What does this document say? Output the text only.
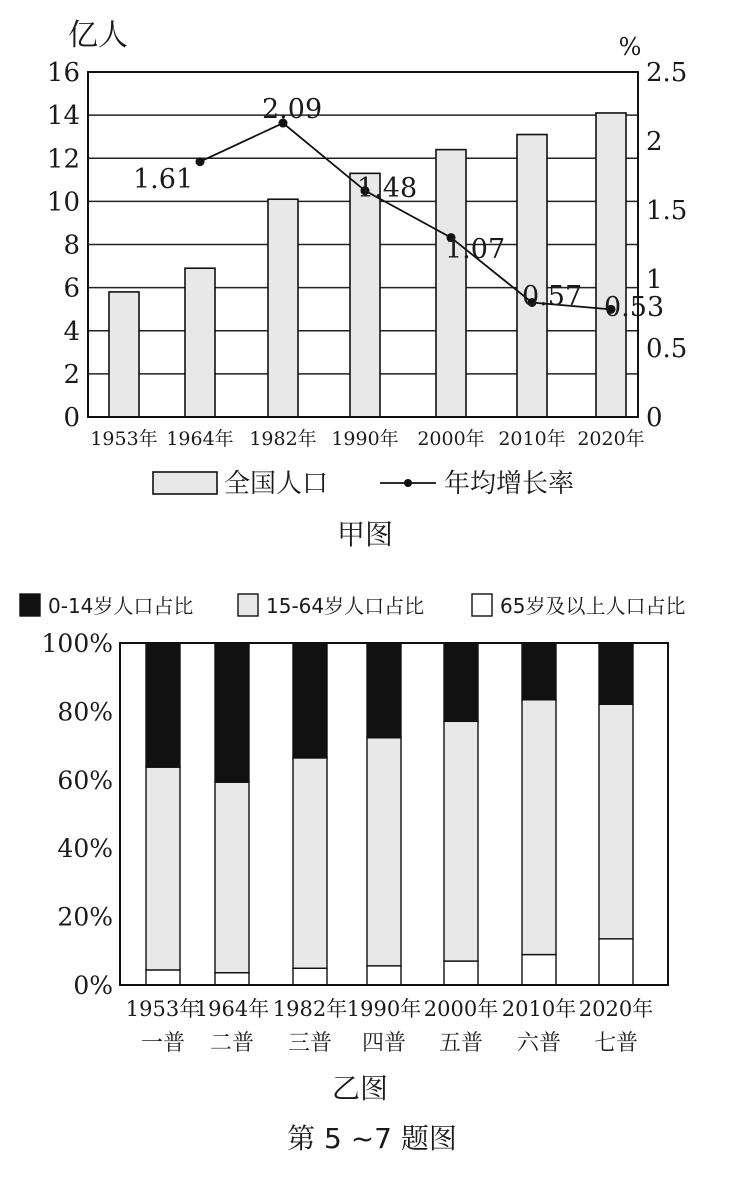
亿人	%
0
2
4
6
8
10
12
14
16
0
0.5
1
1.5
2
2.5
1953年 1964年 1982年 1990年 2000年 2010年 2020年
1.61
2.09
1.48
1.07
0.57 0.53
全国人口	年均增长率
甲图
0-14岁人口占比	15-64岁人口占比	65岁及以上人口占比
0%
20%
40%
60%
80%
100%
1953年
一普
1964年
二普
1982年
三普
1990年
四普
2000年
五普
2010年
六普
2020年
七普
乙图
第 5 ~7 题图
